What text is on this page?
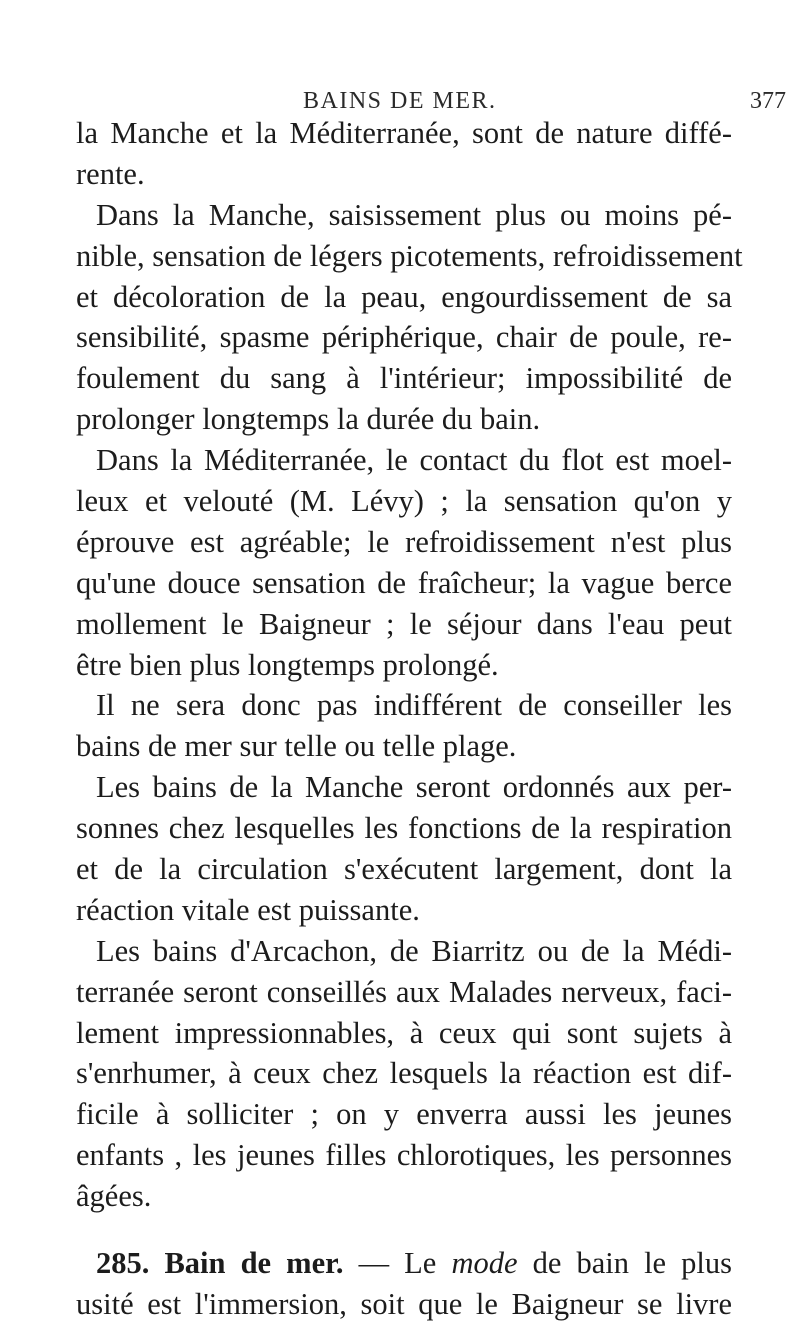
BAINS DE MER.	377
la Manche et la Méditerranée, sont de nature diffé-
rente.
Dans la Manche, saisissement plus ou moins pé-
nible, sensation de légers picotements, refroidissement
et décoloration de la peau, engourdissement de sa
sensibilité, spasme périphérique, chair de poule, re-
foulement du sang à l'intérieur; impossibilité de
prolonger longtemps la durée du bain.
Dans la Méditerranée, le contact du flot est moel-
leux et velouté (M. Lévy) ; la sensation qu'on y
éprouve est agréable; le refroidissement n'est plus
qu'une douce sensation de fraîcheur; la vague berce
mollement le Baigneur ; le séjour dans l'eau peut
être bien plus longtemps prolongé.
Il ne sera donc pas indifférent de conseiller les
bains de mer sur telle ou telle plage.
Les bains de la Manche seront ordonnés aux per-
sonnes chez lesquelles les fonctions de la respiration
et de la circulation s'exécutent largement, dont la
réaction vitale est puissante.
Les bains d'Arcachon, de Biarritz ou de la Médi-
terranée seront conseillés aux Malades nerveux, faci-
lement impressionnables, à ceux qui sont sujets à
s'enrhumer, à ceux chez lesquels la réaction est dif-
ficile à solliciter ; on y enverra aussi les jeunes
enfants , les jeunes filles chlorotiques, les personnes
âgées.
285. Bain de mer. — Le mode de bain le plus
usité est l'immersion, soit que le Baigneur se livre
